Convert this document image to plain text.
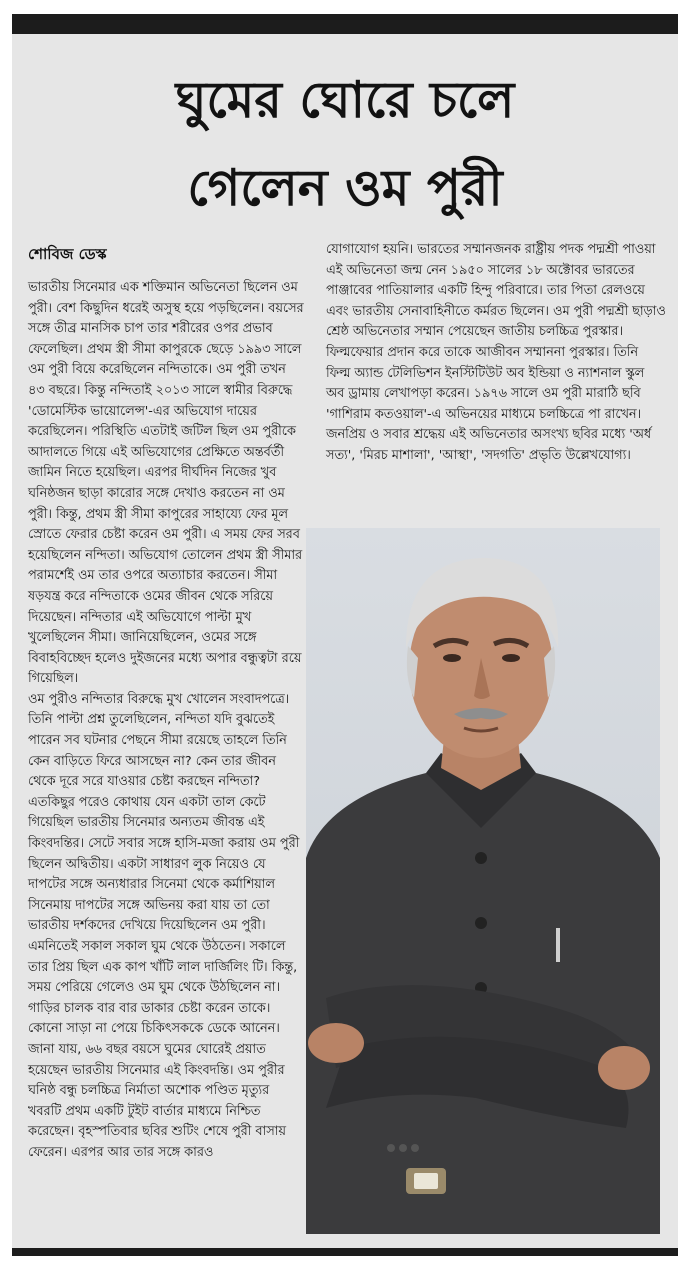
ঘুমের ঘোরে চলে
গেলেন ওম পুরী
শোবিজ ডেস্ক

ভারতীয় সিনেমার এক শক্তিমান অভিনেতা ছিলেন ওম পুরী। বেশ কিছুদিন ধরেই অসুস্থ হয়ে পড়ছিলেন। বয়সের সঙ্গে তীব্র মানসিক চাপ তার শরীরের ওপর প্রভাব ফেলেছিল। প্রথম স্ত্রী সীমা কাপুরকে ছেড়ে ১৯৯৩ সালে ওম পুরী বিয়ে করেছিলেন নন্দিতাকে। ওম পুরী তখন ৪৩ বছরে। কিন্তু নন্দিতাই ২০১৩ সালে স্বামীর বিরুদ্ধে 'ডোমেস্টিক ভায়োলেন্স'-এর অভিযোগ দায়ের করেছিলেন। পরিস্থিতি এতটাই জটিল ছিল ওম পুরীকে আদালতে গিয়ে এই অভিযোগের প্রেক্ষিতে অন্তর্বর্তী জামিন নিতে হয়েছিল। এরপর দীর্ঘদিন নিজের খুব ঘনিষ্ঠজন ছাড়া কারোর সঙ্গে দেখাও করতেন না ওম পুরী। কিন্তু, প্রথম স্ত্রী সীমা কাপুরের সাহায্যে ফের মূল স্রোতে ফেরার চেষ্টা করেন ওম পুরী। এ সময় ফের সরব হয়েছিলেন নন্দিতা। অভিযোগ তোলেন প্রথম স্ত্রী সীমার পরামর্শেই ওম তার ওপরে অত্যাচার করতেন। সীমা ষড়যন্ত্র করে নন্দিতাকে ওমের জীবন থেকে সরিয়ে দিয়েছেন। নন্দিতার এই অভিযোগে পাল্টা মুখ খুলেছিলেন সীমা। জানিয়েছিলেন, ওমের সঙ্গে বিবাহবিচ্ছেদ হলেও দুইজনের মধ্যে অপার বন্ধুত্বটা রয়ে গিয়েছিল।

ওম পুরীও নন্দিতার বিরুদ্ধে মুখ খোলেন সংবাদপত্রে। তিনি পাল্টা প্রশ্ন তুলেছিলেন, নন্দিতা যদি বুঝতেই পারেন সব ঘটনার পেছনে সীমা রয়েছে তাহলে তিনি কেন বাড়িতে ফিরে আসছেন না? কেন তার জীবন থেকে দূরে সরে যাওয়ার চেষ্টা করছেন নন্দিতা? এতকিছুর পরেও কোথায় যেন একটা তাল কেটে গিয়েছিল ভারতীয় সিনেমার অন্যতম জীবন্ত এই কিংবদন্তির। সেটে সবার সঙ্গে হাসি-মজা করায় ওম পুরী ছিলেন অদ্বিতীয়। একটা সাধারণ লুক নিয়েও যে দাপটের সঙ্গে অন্যধারার সিনেমা থেকে কর্মাশিয়াল সিনেমায় দাপটের সঙ্গে অভিনয় করা যায় তা তো ভারতীয় দর্শকদের দেখিয়ে দিয়েছিলেন ওম পুরী। এমনিতেই সকাল সকাল ঘুম থেকে উঠতেন। সকালে তার প্রিয় ছিল এক কাপ খাঁটি লাল দার্জিলিং টি। কিন্তু, সময় পেরিয়ে গেলেও ওম ঘুম থেকে উঠছিলেন না। গাড়ির চালক বার বার ডাকার চেষ্টা করেন তাকে। কোনো সাড়া না পেয়ে চিকিৎসককে ডেকে আনেন। জানা যায়, ৬৬ বছর বয়সে ঘুমের ঘোরেই প্রয়াত হয়েছেন ভারতীয় সিনেমার এই কিংবদন্তি। ওম পুরীর ঘনিষ্ঠ বন্ধু চলচ্চিত্র নির্মাতা অশোক পণ্ডিত মৃত্যুর খবরটি প্রথম একটি টুইট বার্তার মাধ্যমে নিশ্চিত করেছেন। বৃহস্পতিবার ছবির শুটিং শেষে পুরী বাসায় ফেরেন। এরপর আর তার সঙ্গে কারও

যোগাযোগ হয়নি। ভারতের সম্মানজনক রাষ্ট্রীয় পদক পদ্মশ্রী পাওয়া এই অভিনেতা জন্ম নেন ১৯৫০ সালের ১৮ অক্টোবর ভারতের পাঞ্জাবের পাতিয়ালার একটি হিন্দু পরিবারে। তার পিতা রেলওয়ে এবং ভারতীয় সেনাবাহিনীতে কর্মরত ছিলেন। ওম পুরী পদ্মশ্রী ছাড়াও শ্রেষ্ঠ অভিনেতার সম্মান পেয়েছেন জাতীয় চলচ্চিত্র পুরস্কার। ফিল্মফেয়ার প্রদান করে তাকে আজীবন সম্মাননা পুরস্কার। তিনি ফিল্ম অ্যান্ড টেলিভিশন ইনস্টিটিউট অব ইন্ডিয়া ও ন্যাশনাল স্কুল অব ড্রামায় লেখাপড়া করেন। ১৯৭৬ সালে ওম পুরী মারাঠি ছবি 'গাশিরাম কতওয়াল'-এ অভিনয়ের মাধ্যমে চলচ্চিত্রে পা রাখেন। জনপ্রিয় ও সবার শ্রদ্ধেয় এই অভিনেতার অসংখ্য ছবির মধ্যে 'অর্ধ সত্য', 'মিরচ মাশালা', 'আস্থা', 'সদগতি' প্রভৃতি উল্লেখযোগ্য।
